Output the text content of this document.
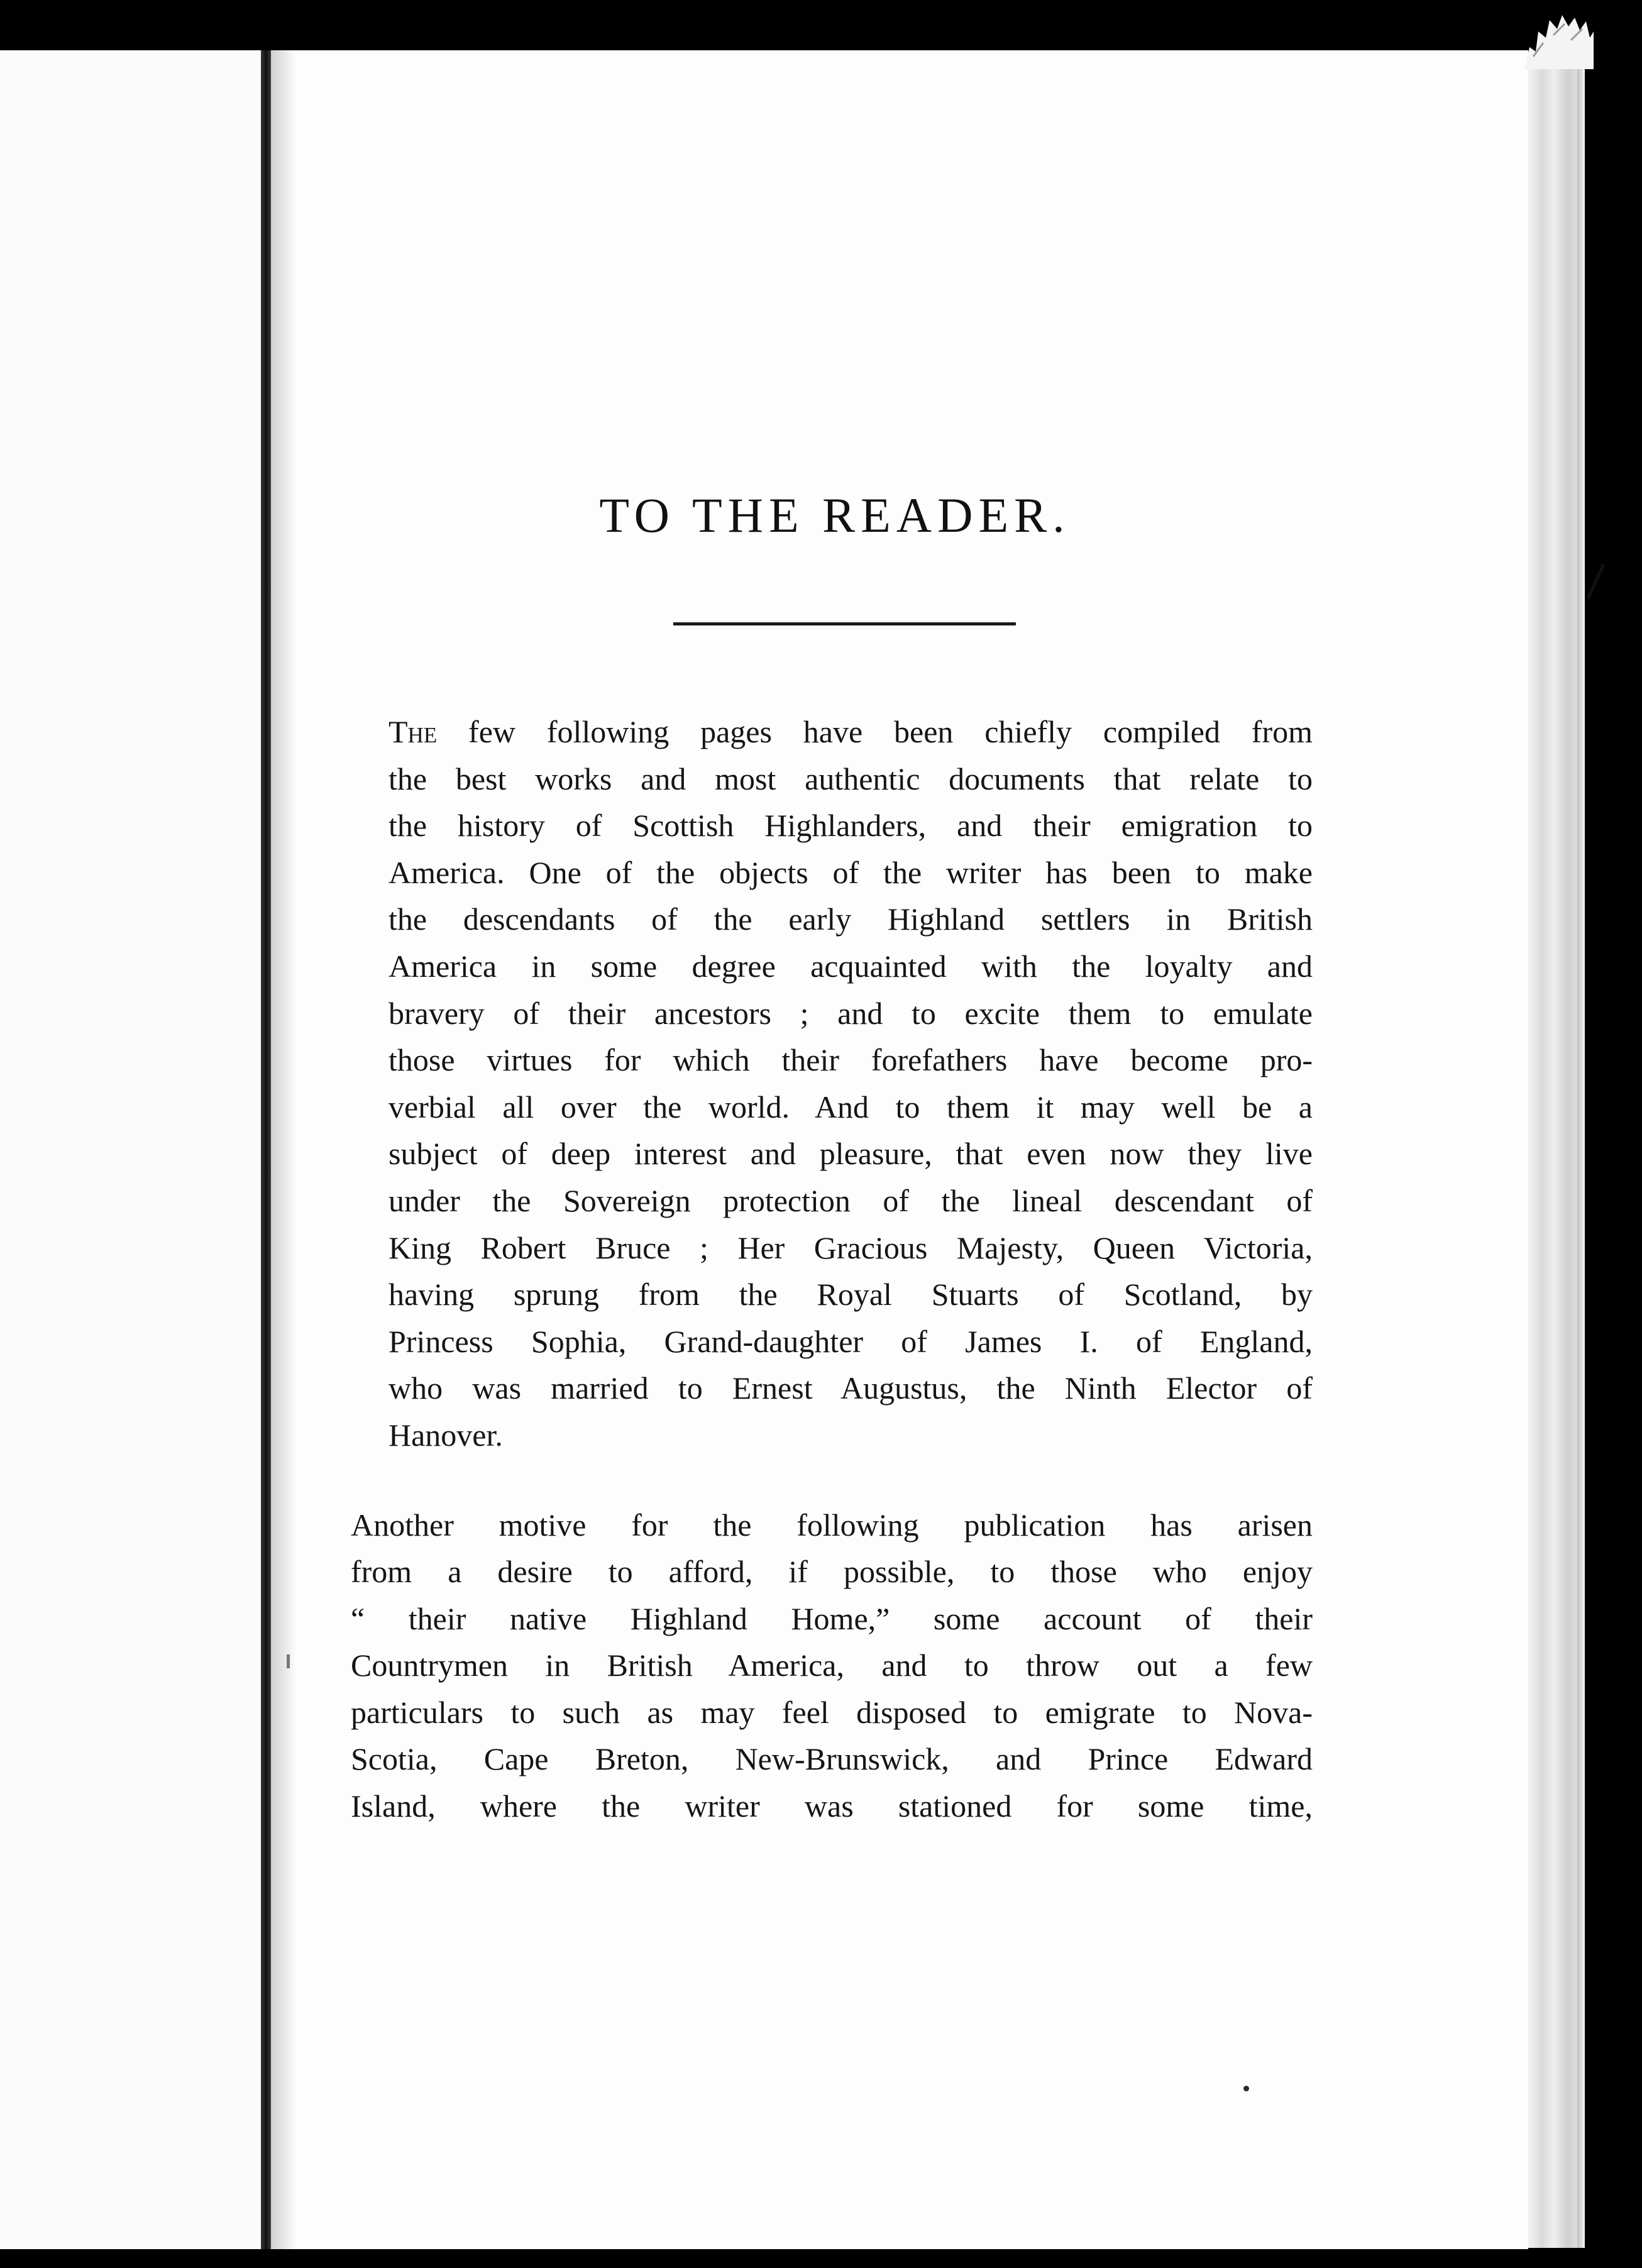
TO THE READER.

The few following pages have been chiefly compiled from
the best works and most authentic documents that relate to
the history of Scottish Highlanders, and their emigration to
America. One of the objects of the writer has been to make
the descendants of the early Highland settlers in British
America in some degree acquainted with the loyalty and
bravery of their ancestors ; and to excite them to emulate
those virtues for which their forefathers have become pro-
verbial all over the world. And to them it may well be a
subject of deep interest and pleasure, that even now they live
under the Sovereign protection of the lineal descendant of
King Robert Bruce ; Her Gracious Majesty, Queen Victoria,
having sprung from the Royal Stuarts of Scotland, by
Princess Sophia, Grand-daughter of James I. of England,
who was married to Ernest Augustus, the Ninth Elector of
Hanover.

Another motive for the following publication has arisen
from a desire to afford, if possible, to those who enjoy
“ their native Highland Home,” some account of their
Countrymen in British America, and to throw out a few
particulars to such as may feel disposed to emigrate to Nova-
Scotia, Cape Breton, New-Brunswick, and Prince Edward
Island, where the writer was stationed for some time,
